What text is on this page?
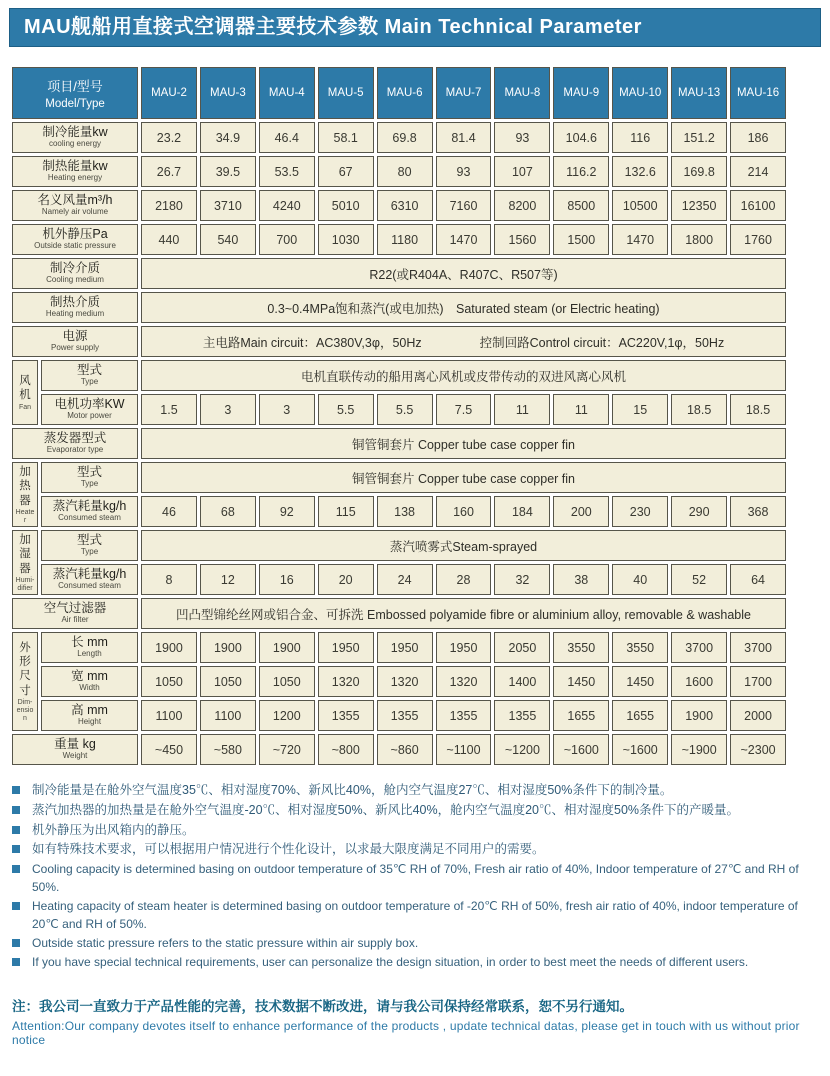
MAU舰船用直接式空调器主要技术参数 Main Technical Parameter
项目/型号
Model/Type		MAU-2	MAU-3	MAU-4	MAU-5	MAU-6	MAU-7	MAU-8	MAU-9	MAU-10	MAU-13	MAU-16

制冷能量kw
cooling energy		23.2	34.9	46.4	58.1	69.8	81.4	93	104.6	116	151.2	186

制热能量kw
Heating energy		26.7	39.5	53.5	67	80	93	107	116.2	132.6	169.8	214

名义风量m³/h
Namely air volume		2180	3710	4240	5010	6310	7160	8200	8500	10500	12350	16100

机外静压Pa
Outside static pressure		440	540	700	1030	1180	1470	1560	1500	1470	1800	1760

制冷介质
Cooling medium		R22(或R404A、R407C、R507等)										

制热介质
Heating medium		0.3~0.4MPa饱和蒸汽(或电加热)　Saturated steam (or Electric heating)										

电源
Power supply	主电路Main circuit：AC380V,3φ，50Hz	控制回路Control circuit：AC220V,1φ，50Hz

风机
Fan

型式
Type	电机直联传动的船用离心风机或皮带传动的双进风离心风机

	电机功率KW
Motor power	1.5	3	3	5.5	5.5	7.5	11	11	15	18.5	18.5

蒸发器型式
Evaporator type		铜管铜套片 Copper tube case copper fin										

加热器
Heater

型式
Type	铜管铜套片 Copper tube case copper fin

	蒸汽耗量kg/h
Consumed steam	46	68	92	115	138	160	184	200	230	290	368

加湿器
Humi-difier

型式
Type	蒸汽喷雾式Steam-sprayed

	蒸汽耗量kg/h
Consumed steam	8	12	16	20	24	28	32	38	40	52	64

空气过滤器
Air filter		凹凸型锦纶丝网或铝合金、可拆洗 Embossed polyamide fibre or aluminium alloy, removable & washable										

外形尺寸
Dim-ension

长 mm
Length	1900	1900	1900	1950	1950	1950	2050	3550	3550	3700	3700

	宽 mm
Width	1050	1050	1050	1320	1320	1320	1400	1450	1450	1600	1700

	高 mm
Height	1100	1100	1200	1355	1355	1355	1355	1655	1655	1900	2000

重量 kg
Weight		~450	~580	~720	~800	~860	~1100	~1200	~1600	~1600	~1900	~2300
制冷能量是在舱外空气温度35℃、相对湿度70%、新风比40%，舱内空气温度27℃、相对湿度50%条件下的制冷量。
蒸汽加热器的加热量是在舱外空气温度-20℃、相对湿度50%、新风比40%，舱内空气温度20℃、相对湿度50%条件下的产暖量。
机外静压为出风箱内的静压。
如有特殊技术要求，可以根据用户情况进行个性化设计，以求最大限度满足不同用户的需要。
Cooling capacity is determined basing on outdoor temperature of 35℃ RH of 70%, Fresh air ratio of 40%, Indoor temperature of 27℃ and RH of 50%.
Heating capacity of steam heater is determined basing on outdoor temperature of -20℃ RH of 50%, fresh air ratio of 40%, indoor temperature of 20℃ and RH of 50%.
Outside static pressure refers to the static pressure within air supply box.
If you have special technical requirements, user can personalize the design situation, in order to best meet the needs of different users.
注：我公司一直致力于产品性能的完善，技术数据不断改进，请与我公司保持经常联系，恕不另行通知。
Attention:Our company devotes itself to enhance performance of the products , update technical datas, please get in touch with us without prior notice
